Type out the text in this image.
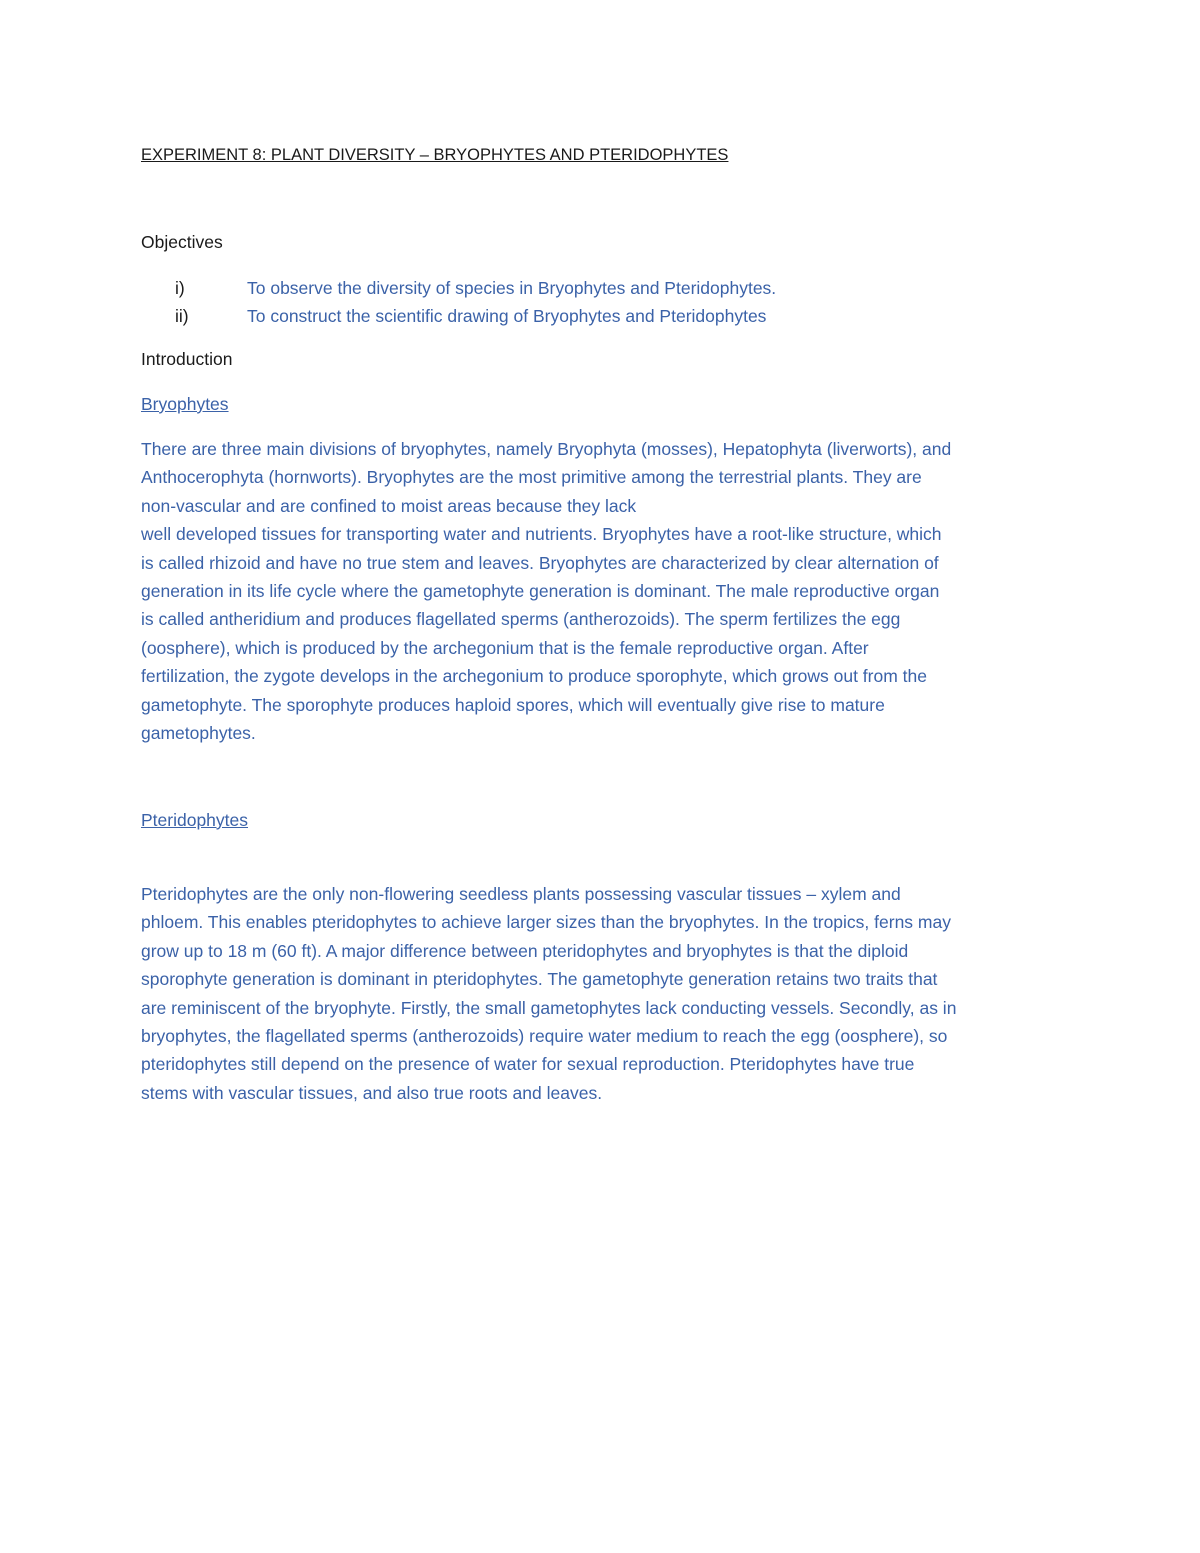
EXPERIMENT 8: PLANT DIVERSITY – BRYOPHYTES AND PTERIDOPHYTES
Objectives
i)	To observe the diversity of species in Bryophytes and Pteridophytes.
ii)	To construct the scientific drawing of Bryophytes and Pteridophytes
Introduction
Bryophytes
There are three main divisions of bryophytes, namely Bryophyta (mosses), Hepatophyta (liverworts), and
Anthocerophyta (hornworts). Bryophytes are the most primitive among the terrestrial plants. They are
non-vascular and are confined to moist areas because they lack
well developed tissues for transporting water and nutrients. Bryophytes have a root-like structure, which
is called rhizoid and have no true stem and leaves. Bryophytes are characterized by clear alternation of
generation in its life cycle where the gametophyte generation is dominant. The male reproductive organ
is called antheridium and produces flagellated sperms (antherozoids). The sperm fertilizes the egg
(oosphere), which is produced by the archegonium that is the female reproductive organ. After
fertilization, the zygote develops in the archegonium to produce sporophyte, which grows out from the
gametophyte. The sporophyte produces haploid spores, which will eventually give rise to mature
gametophytes.
Pteridophytes
Pteridophytes are the only non-flowering seedless plants possessing vascular tissues – xylem and
phloem. This enables pteridophytes to achieve larger sizes than the bryophytes. In the tropics, ferns may
grow up to 18 m (60 ft). A major difference between pteridophytes and bryophytes is that the diploid
sporophyte generation is dominant in pteridophytes. The gametophyte generation retains two traits that
are reminiscent of the bryophyte. Firstly, the small gametophytes lack conducting vessels. Secondly, as in
bryophytes, the flagellated sperms (antherozoids) require water medium to reach the egg (oosphere), so
pteridophytes still depend on the presence of water for sexual reproduction. Pteridophytes have true
stems with vascular tissues, and also true roots and leaves.
